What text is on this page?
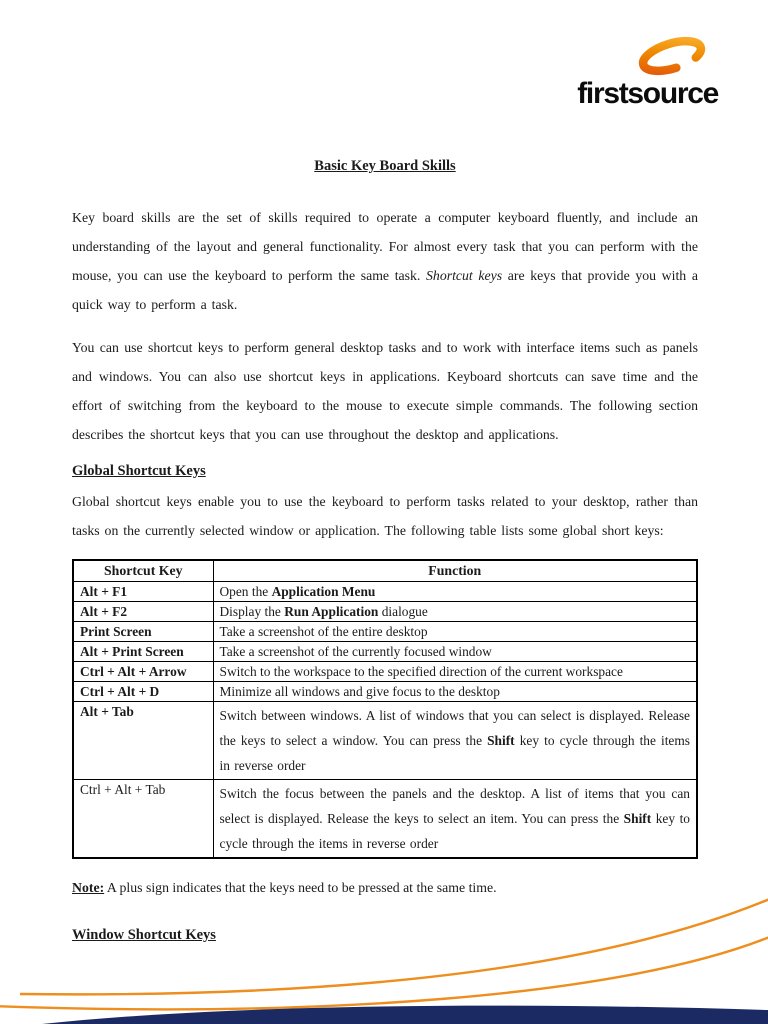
firstsource
Basic Key Board Skills

Key board skills are the set of skills required to operate a computer keyboard fluently, and include an understanding of the layout and general functionality. For almost every task that you can perform with the mouse, you can use the keyboard to perform the same task. Shortcut keys are keys that provide you with a quick way to perform a task.

You can use shortcut keys to perform general desktop tasks and to work with interface items such as panels and windows. You can also use shortcut keys in applications. Keyboard shortcuts can save time and the effort of switching from the keyboard to the mouse to execute simple commands. The following section describes the shortcut keys that you can use throughout the desktop and applications.

Global Shortcut Keys

Global shortcut keys enable you to use the keyboard to perform tasks related to your desktop, rather than tasks on the currently selected window or application. The following table lists some global short keys:

Shortcut Key	Function
Alt + F1	Open the Application Menu
Alt + F2	Display the Run Application dialogue
Print Screen	Take a screenshot of the entire desktop
Alt + Print Screen	Take a screenshot of the currently focused window
Ctrl + Alt + Arrow	Switch to the workspace to the specified direction of the current workspace
Ctrl + Alt + D	Minimize all windows and give focus to the desktop
Alt + Tab	Switch between windows. A list of windows that you can select is displayed. Release the keys to select a window. You can press the Shift key to cycle through the items in reverse order
Ctrl + Alt + Tab	Switch the focus between the panels and the desktop. A list of items that you can select is displayed. Release the keys to select an item. You can press the Shift key to cycle through the items in reverse order

Note: A plus sign indicates that the keys need to be pressed at the same time.

Window Shortcut Keys
